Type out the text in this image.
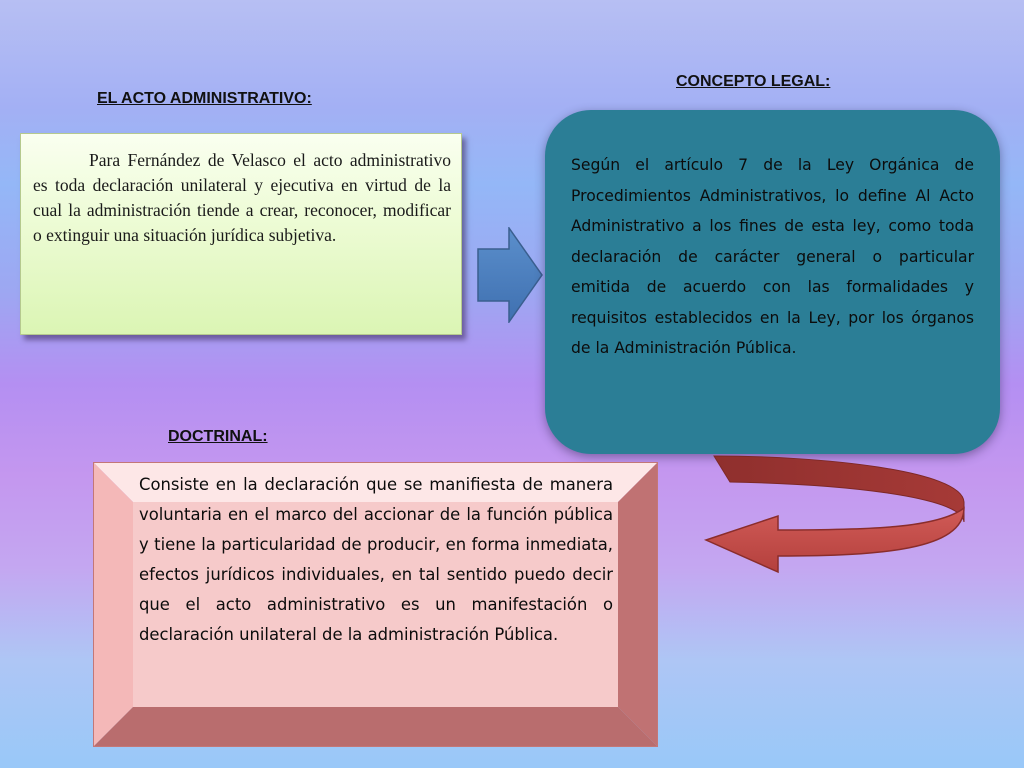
EL ACTO ADMINISTRATIVO:
CONCEPTO LEGAL:
DOCTRINAL:
Para Fernández de Velasco el acto administrativo es toda declaración unilateral y ejecutiva en virtud de la cual la administración tiende a crear, reconocer, modificar o extinguir una situación jurídica subjetiva.

Según el artículo 7 de la Ley Orgánica de Procedimientos Administrativos, lo define Al Acto Administrativo a los fines de esta ley, como toda declaración de carácter general o particular emitida de acuerdo con las formalidades y requisitos establecidos en la Ley, por los órganos de la Administración Pública.

Consiste en la declaración que se manifiesta de manera voluntaria en el marco del accionar de la función pública y tiene la particularidad de producir, en forma inmediata, efectos jurídicos individuales, en tal sentido puedo decir que el acto administrativo es un manifestación o declaración unilateral de la administración Pública.
